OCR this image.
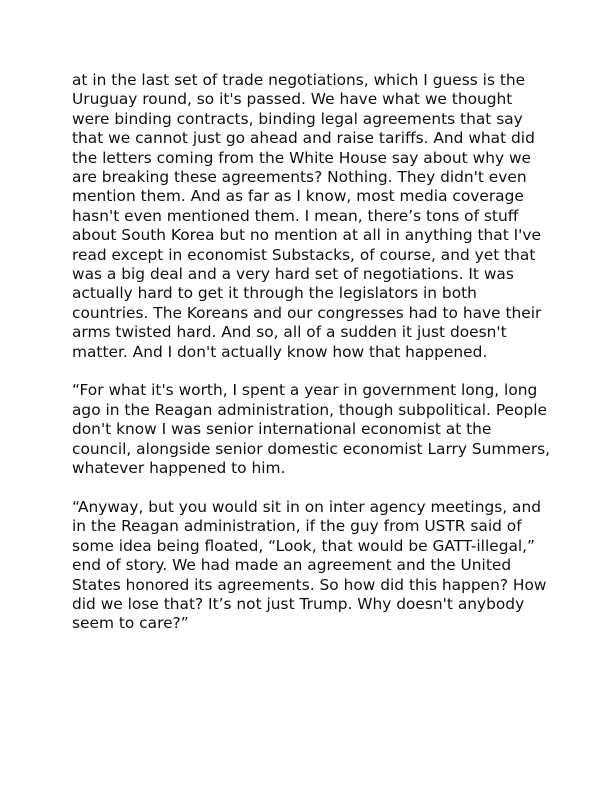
at in the last set of trade negotiations, which I guess is the Uruguay round, so it's passed. We have what we thought were binding contracts, binding legal agreements that say that we cannot just go ahead and raise tariffs. And what did the letters coming from the White House say about why we are breaking these agreements? Nothing. They didn't even mention them. And as far as I know, most media coverage hasn't even mentioned them. I mean, there’s tons of stuff about South Korea but no mention at all in anything that I've read except in economist Substacks, of course, and yet that was a big deal and a very hard set of negotiations. It was actually hard to get it through the legislators in both countries. The Koreans and our congresses had to have their arms twisted hard. And so, all of a sudden it just doesn't matter. And I don't actually know how that happened.

“For what it's worth, I spent a year in government long, long ago in the Reagan administration, though subpolitical. People don't know I was senior international economist at the council, alongside senior domestic economist Larry Summers, whatever happened to him.

“Anyway, but you would sit in on inter agency meetings, and in the Reagan administration, if the guy from USTR said of some idea being floated, “Look, that would be GATT-illegal,” end of story. We had made an agreement and the United States honored its agreements. So how did this happen? How did we lose that? It’s not just Trump. Why doesn't anybody seem to care?”
